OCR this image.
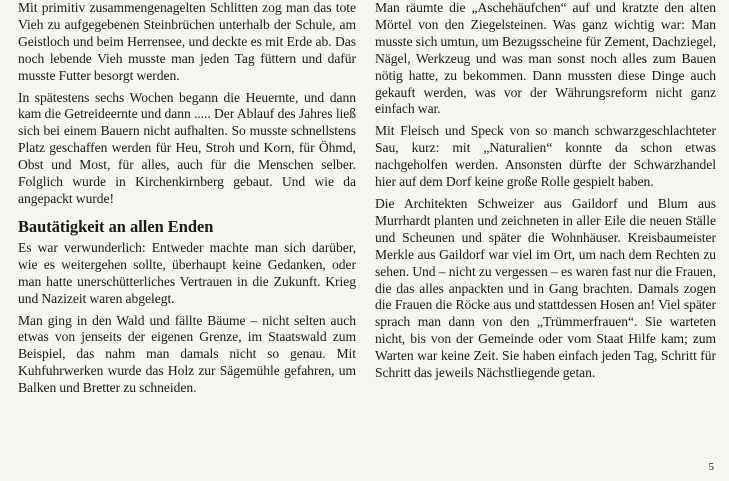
Mit primitiv zusammengenagelten Schlitten zog man das tote Vieh zu aufgegebenen Steinbrüchen unterhalb der Schule, am Geistloch und beim Herrensee, und deckte es mit Erde ab. Das noch lebende Vieh musste man jeden Tag füttern und dafür musste Futter besorgt werden.

In spätestens sechs Wochen begann die Heuernte, und dann kam die Getreideernte und dann ..... Der Ablauf des Jahres ließ sich bei einem Bauern nicht aufhalten. So musste schnellstens Platz geschaffen werden für Heu, Stroh und Korn, für Öhmd, Obst und Most, für alles, auch für die Menschen selber. Folglich wurde in Kirchenkirnberg gebaut. Und wie da angepackt wurde!

Bautätigkeit an allen Enden

Es war verwunderlich: Entweder machte man sich darüber, wie es weitergehen sollte, überhaupt keine Gedanken, oder man hatte unerschütterliches Vertrauen in die Zukunft. Krieg und Nazizeit waren abgelegt.

Man ging in den Wald und fällte Bäume – nicht selten auch etwas von jenseits der eigenen Grenze, im Staatswald zum Beispiel, das nahm man damals nicht so genau. Mit Kuhfuhrwerken wurde das Holz zur Sägemühle gefahren, um Balken und Bretter zu schneiden.

Man räumte die „Aschehäufchen“ auf und kratzte den alten Mörtel von den Ziegelsteinen. Was ganz wichtig war: Man musste sich umtun, um Bezugsscheine für Zement, Dachziegel, Nägel, Werkzeug und was man sonst noch alles zum Bauen nötig hatte, zu bekommen. Dann mussten diese Dinge auch gekauft werden, was vor der Währungsreform nicht ganz einfach war.

Mit Fleisch und Speck von so manch schwarzgeschlachteter Sau, kurz: mit „Naturalien“ konnte da schon etwas nachgeholfen werden. Ansonsten dürfte der Schwarzhandel hier auf dem Dorf keine große Rolle gespielt haben.

Die Architekten Schweizer aus Gaildorf und Blum aus Murrhardt planten und zeichneten in aller Eile die neuen Ställe und Scheunen und später die Wohnhäuser. Kreisbaumeister Merkle aus Gaildorf war viel im Ort, um nach dem Rechten zu sehen. Und – nicht zu vergessen – es waren fast nur die Frauen, die das alles anpackten und in Gang brachten. Damals zogen die Frauen die Röcke aus und stattdessen Hosen an! Viel später sprach man dann von den „Trümmerfrauen“. Sie warteten nicht, bis von der Gemeinde oder vom Staat Hilfe kam; zum Warten war keine Zeit. Sie haben einfach jeden Tag, Schritt für Schritt das jeweils Nächstliegende getan.

5
